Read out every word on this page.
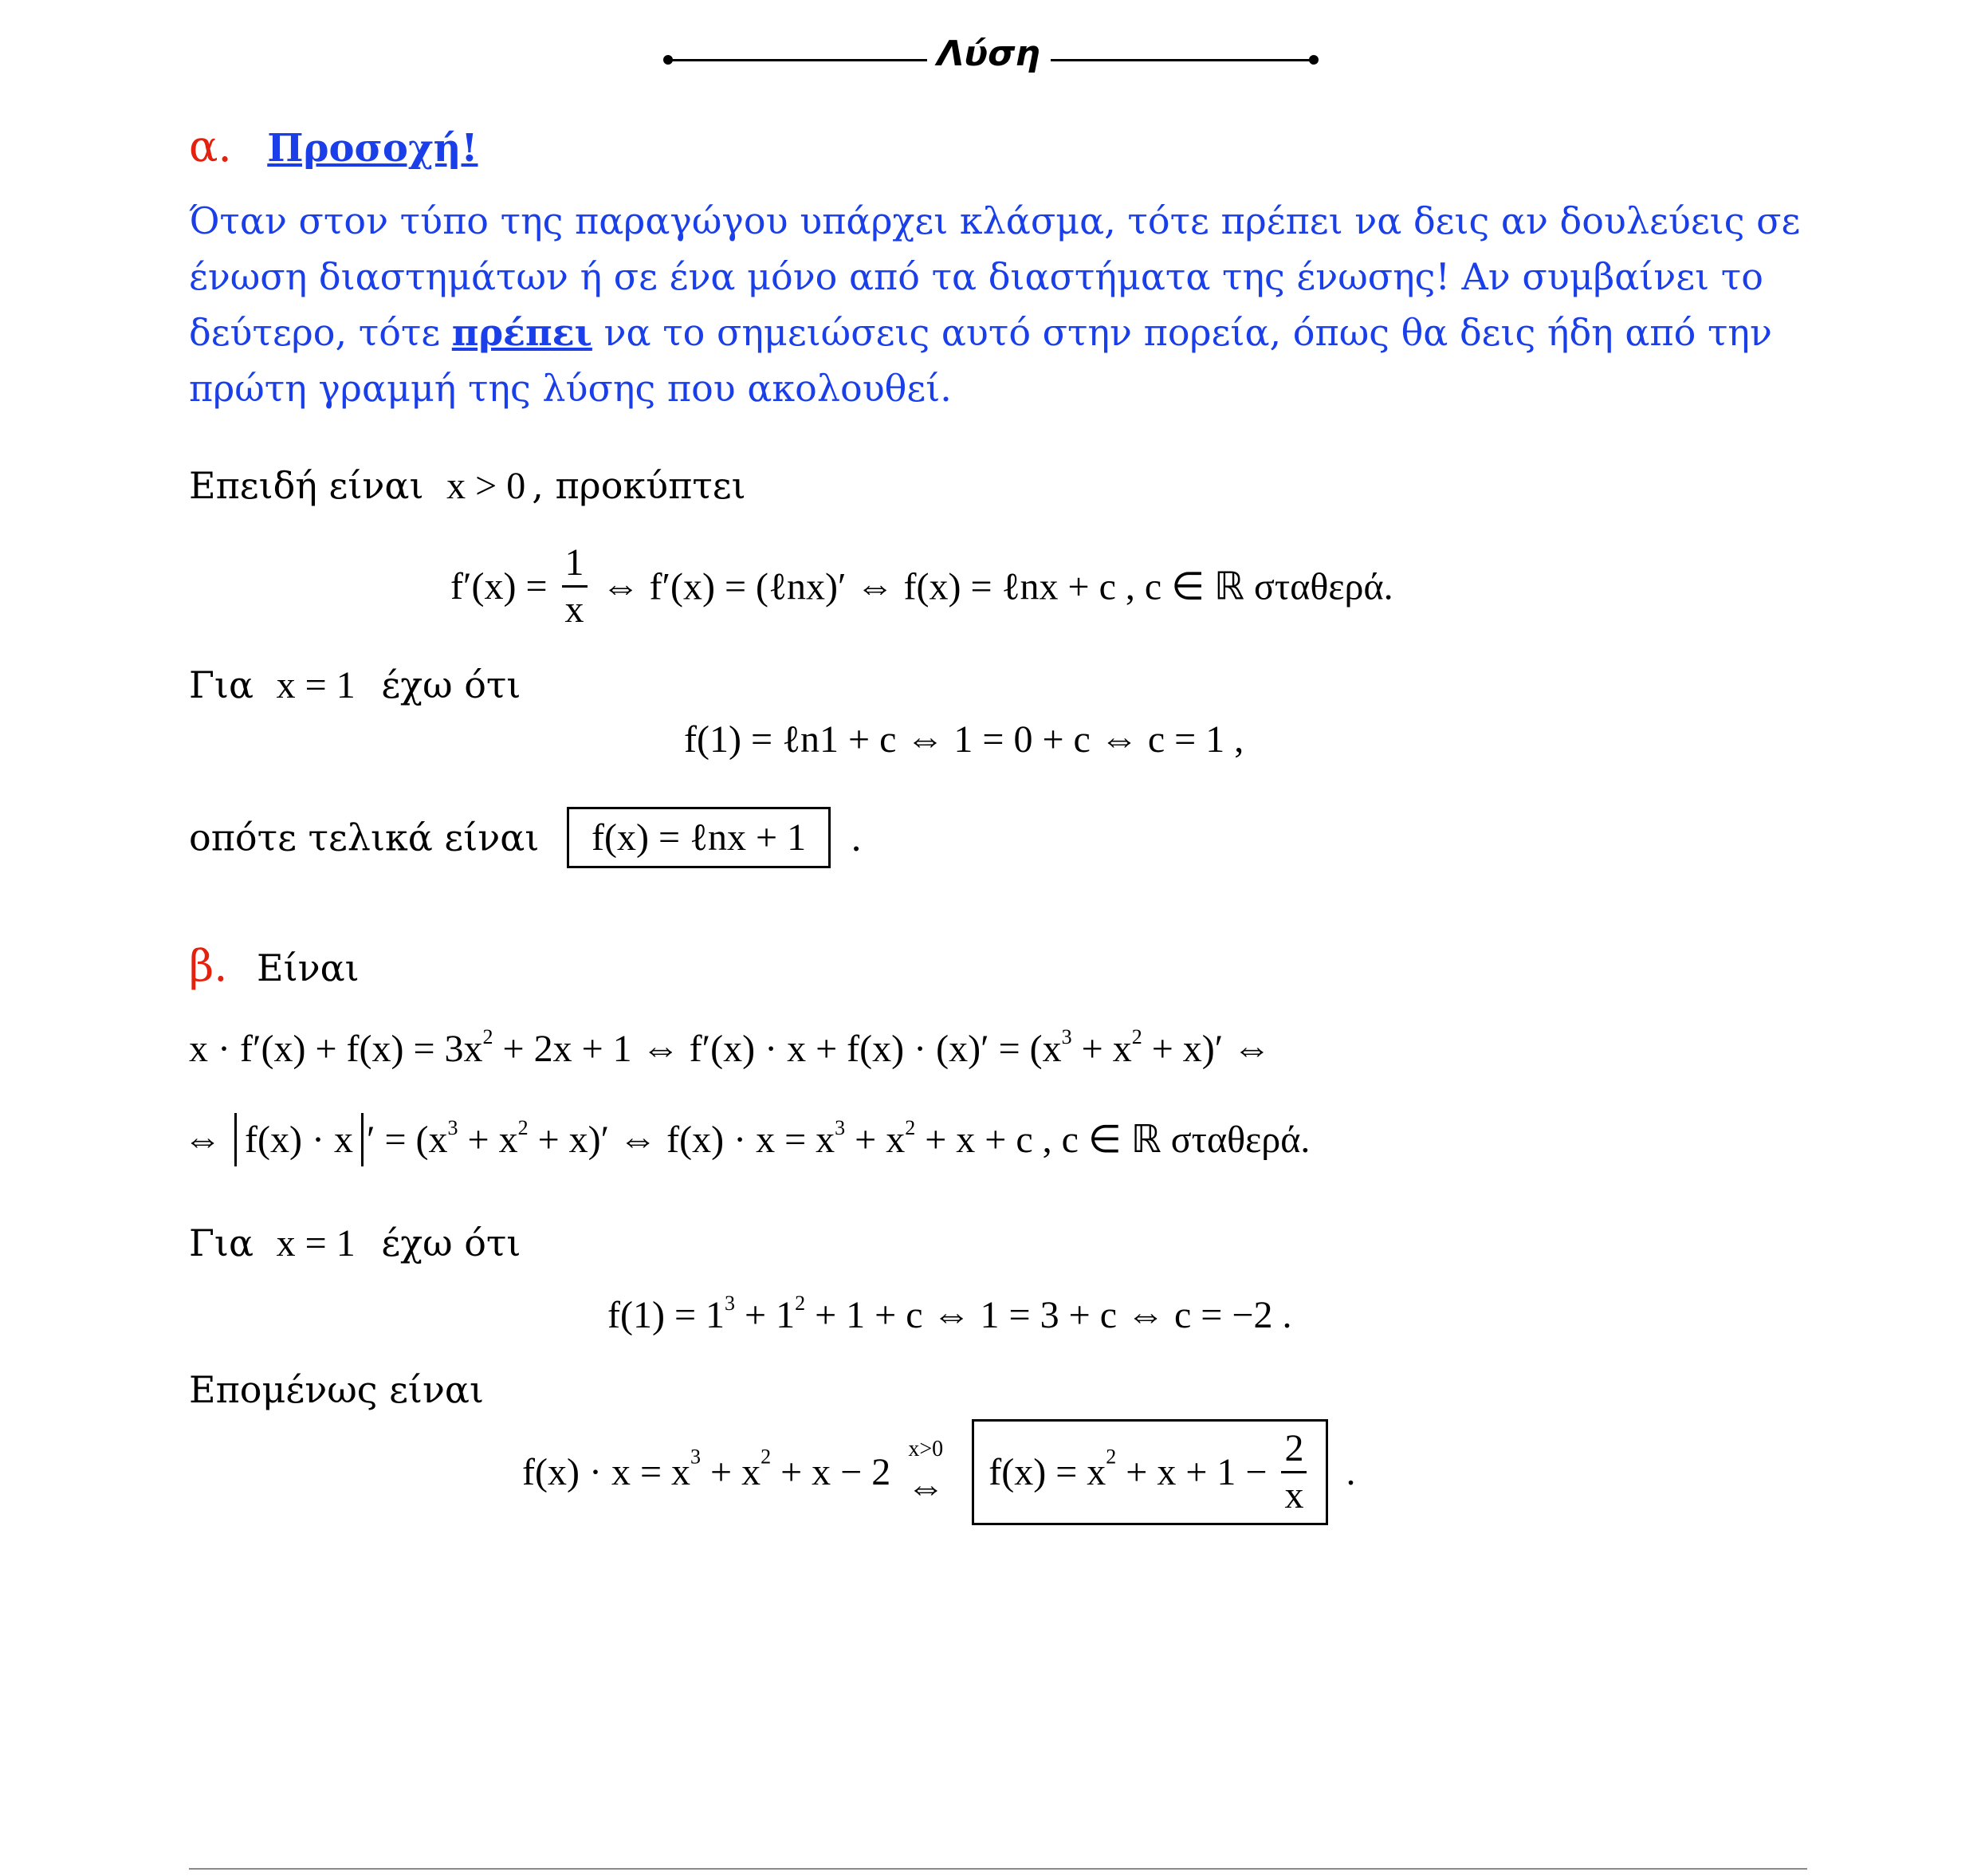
Λύση
α. Προσοχή!
Όταν στον τύπο της παραγώγου υπάρχει κλάσμα, τότε πρέπει να δεις αν δουλεύεις σε ένωση διαστημάτων ή σε ένα μόνο από τα διαστήματα της ένωσης! Αν συμβαίνει το δεύτερο, τότε πρέπει να το σημειώσεις αυτό στην πορεία, όπως θα δεις ήδη από την πρώτη γραμμή της λύσης που ακολουθεί.
Επειδή είναι x > 0 , προκύπτει
$f'(x) = \frac{1}{x}$ ⇔ f′(x) = (ℓnx)′ ⇔ f(x) = ℓnx + c , c ∈ ℝ σταθερά.
Για x = 1 έχω ότι
f(1) = ℓn1 + c ⇔ 1 = 0 + c ⇔ c = 1 ,
οπότε τελικά είναι f(x) = ℓnx + 1 .
β. Είναι
$x \cdot f'(x) + f(x) = 3x^2 + 2x + 1$ ⇔ $f'(x) \cdot x + f(x) \cdot (x)' = (x^3 + x^2 + x)'$ ⇔
⇔ f(x) · x ′ = $(x^3 + x^2 + x)'$ ⇔ $f(x) \cdot x = x^3 + x^2 + x + c$ , c ∈ ℝ σταθερά.
Για x = 1 έχω ότι
$f(1) = 1^3 + 1^2 + 1 + c$ ⇔ 1 = 3 + c ⇔ c = −2 .
Επομένως είναι
$f(x) \cdot x = x^3 + x^2 + x - 2$
x>0
⇔ $f(x) = x^2 + x + 1 - \frac{2}{x}$ .
